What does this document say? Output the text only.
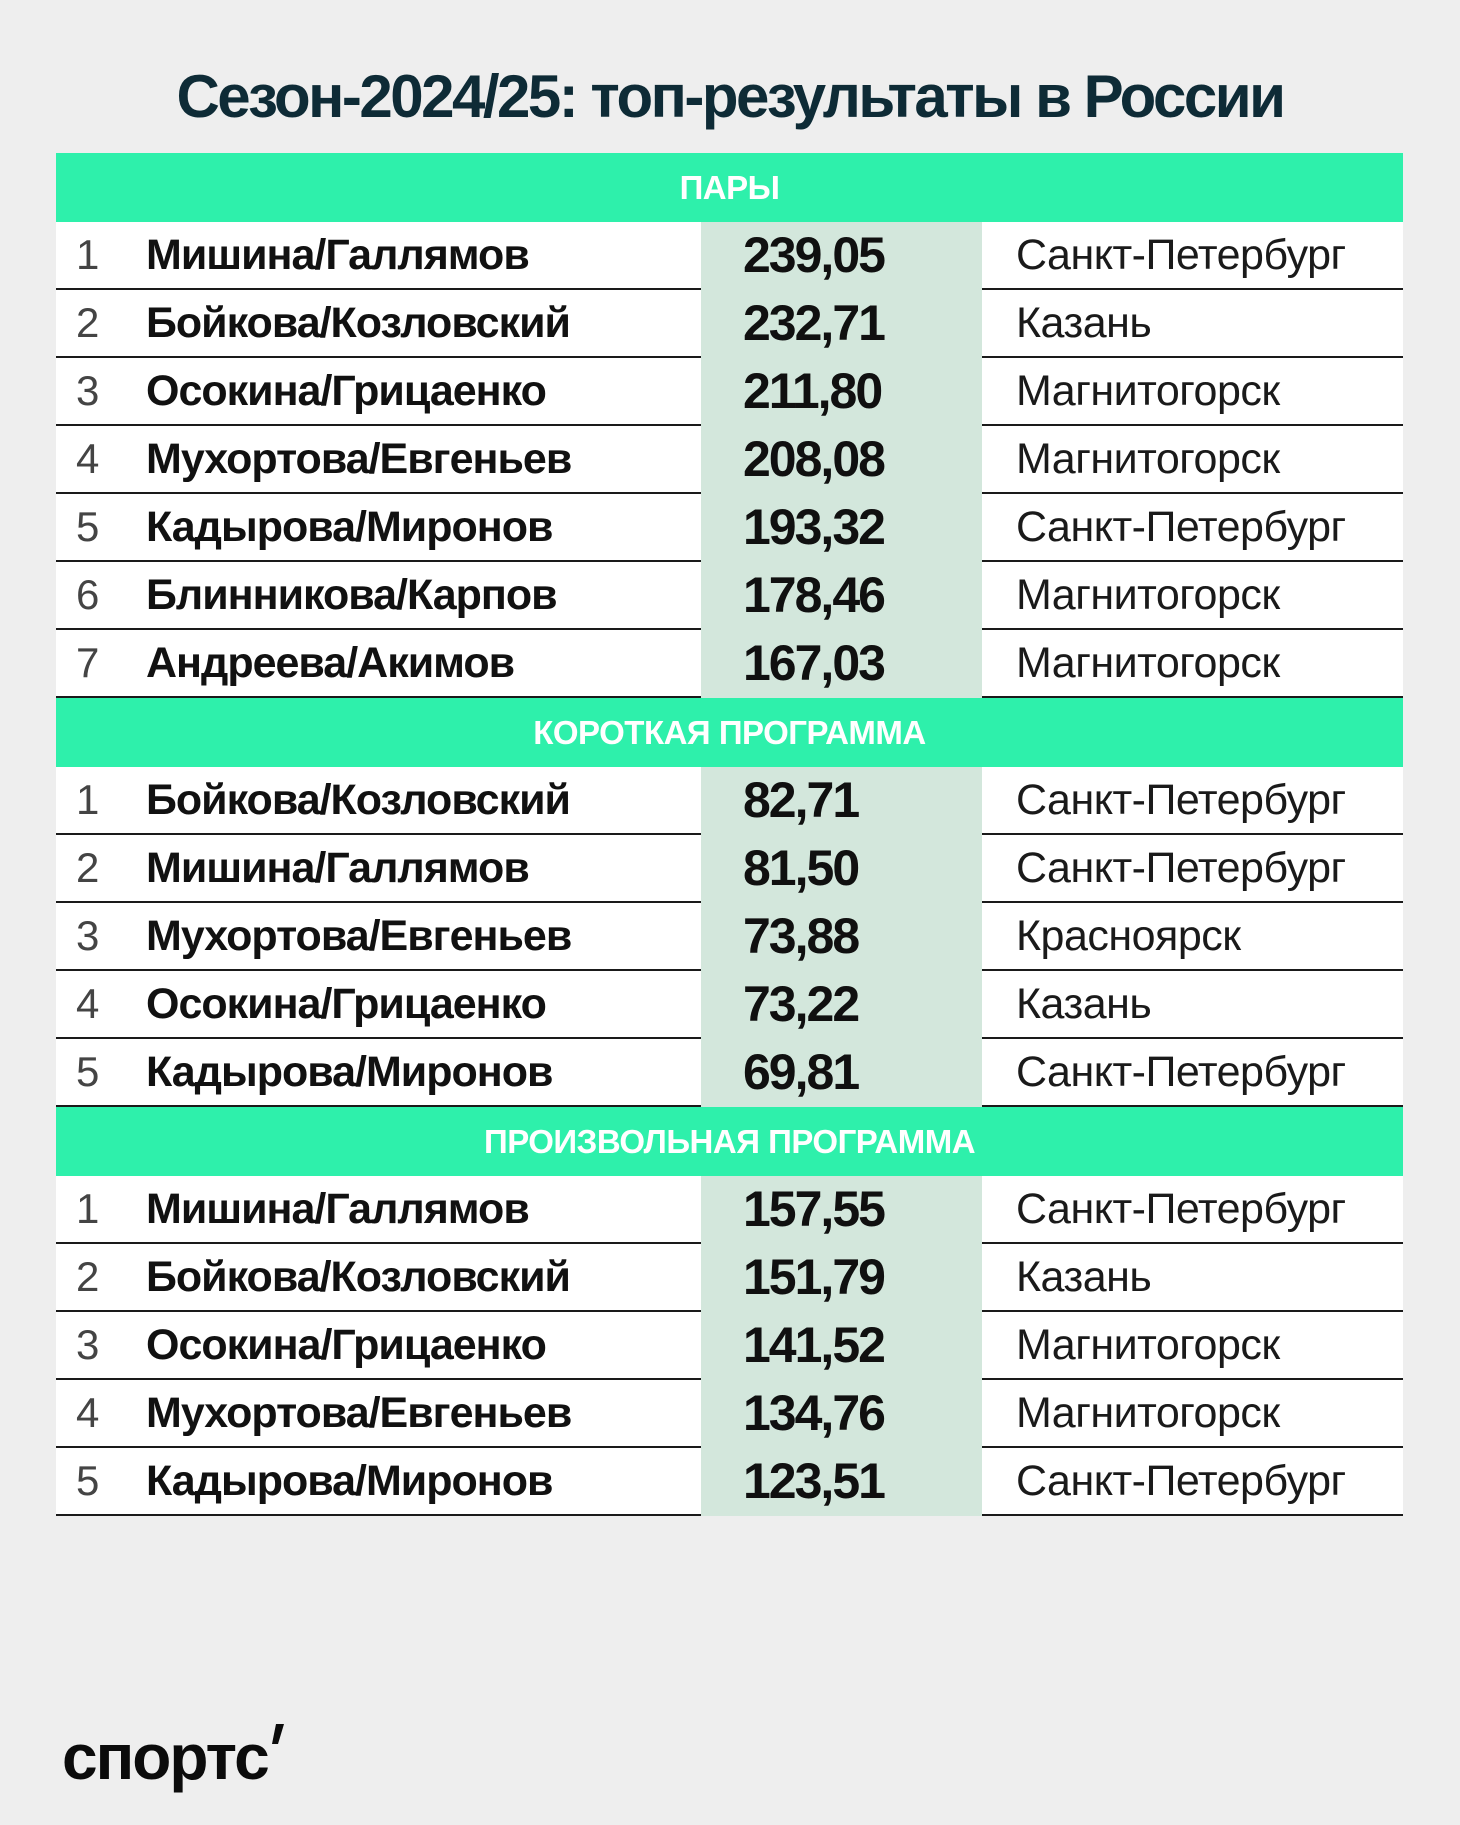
Сезон-2024/25: топ-результаты в России
ПАРЫ
1	Мишина/Галлямов	239,05	Санкт-Петербург
2	Бойкова/Козловский	232,71	Казань
3	Осокина/Грицаенко	211,80	Магнитогорск
4	Мухортова/Евгеньев	208,08	Магнитогорск
5	Кадырова/Миронов	193,32	Санкт-Петербург
6	Блинникова/Карпов	178,46	Магнитогорск
7	Андреева/Акимов	167,03	Магнитогорск
КОРОТКАЯ ПРОГРАММА
1	Бойкова/Козловский	82,71	Санкт-Петербург
2	Мишина/Галлямов	81,50	Санкт-Петербург
3	Мухортова/Евгеньев	73,88	Красноярск
4	Осокина/Грицаенко	73,22	Казань
5	Кадырова/Миронов	69,81	Санкт-Петербург
ПРОИЗВОЛЬНАЯ ПРОГРАММА
1	Мишина/Галлямов	157,55	Санкт-Петербург
2	Бойкова/Козловский	151,79	Казань
3	Осокина/Грицаенко	141,52	Магнитогорск
4	Мухортова/Евгеньев	134,76	Магнитогорск
5	Кадырова/Миронов	123,51	Санкт-Петербург
спортс
